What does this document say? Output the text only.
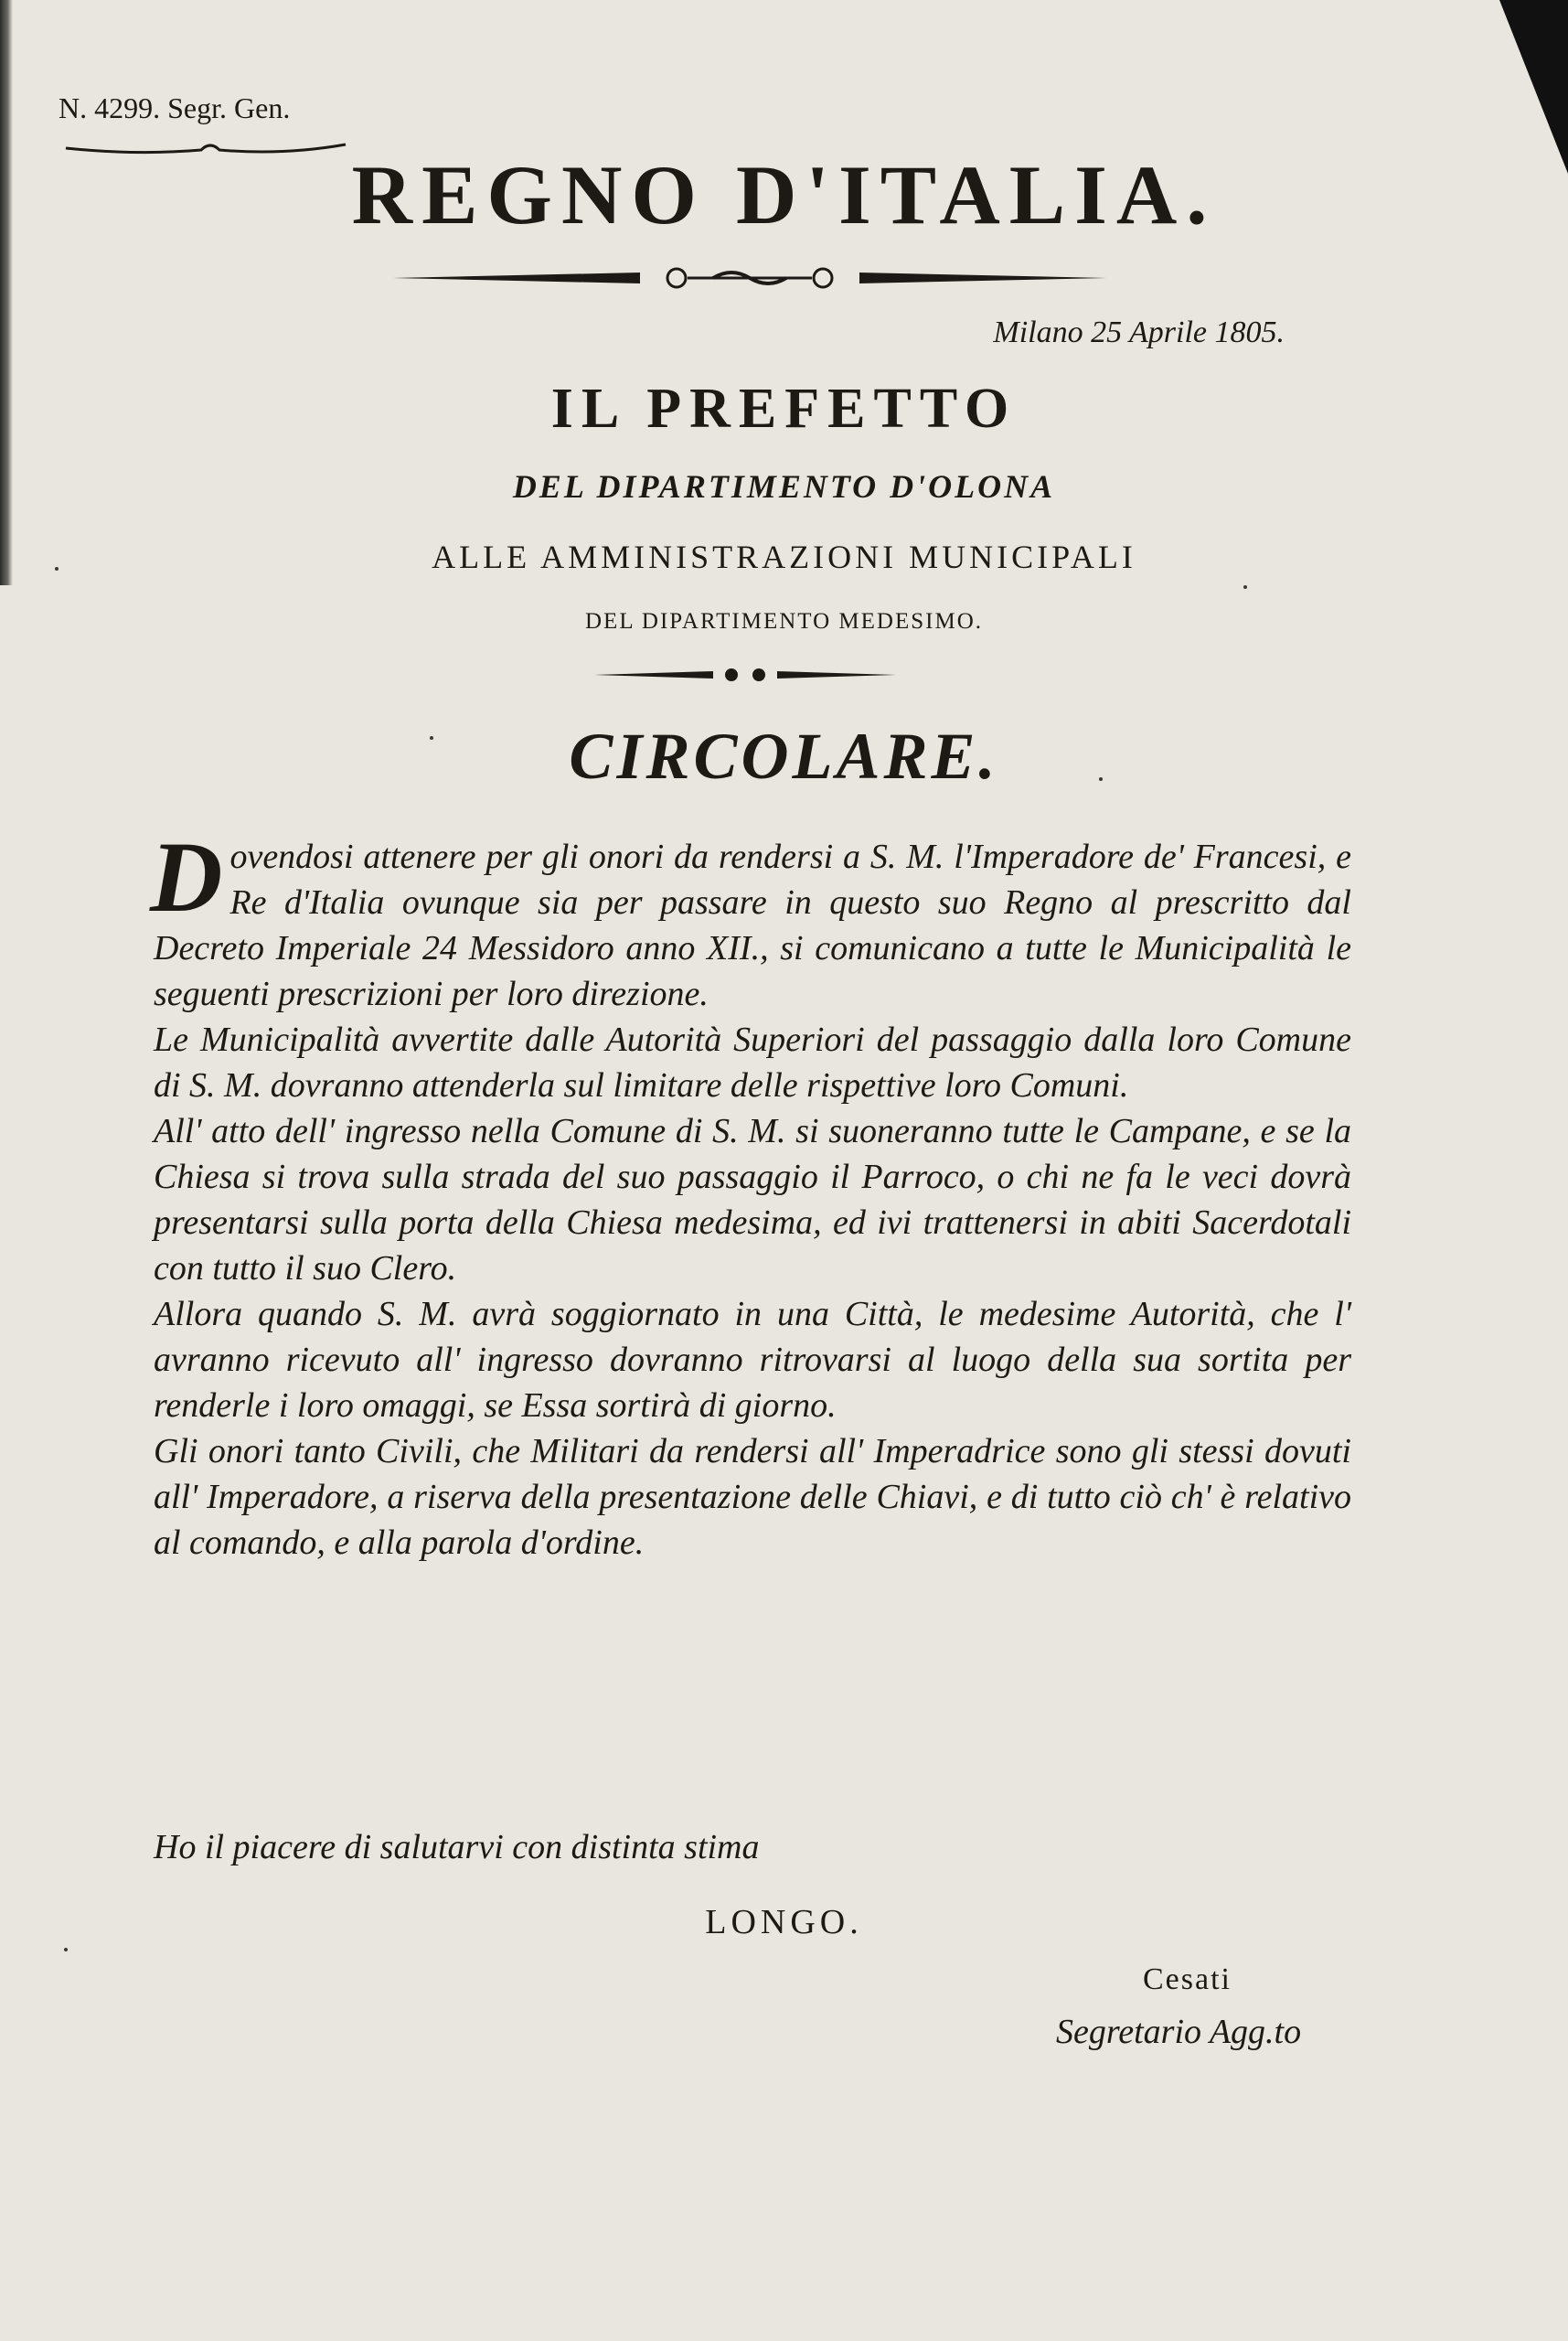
N. 4299. Segr. Gen.
REGNO D'ITALIA.
Milano 25 Aprile 1805.
IL PREFETTO
DEL DIPARTIMENTO D'OLONA
ALLE AMMINISTRAZIONI MUNICIPALI
DEL DIPARTIMENTO MEDESIMO.
CIRCOLARE.

Dovendosi attenere per gli onori da rendersi a S. M. l'Imperadore de' Francesi, e Re d'Italia ovunque sia per passare in questo suo Regno al prescritto dal Decreto Imperiale 24 Messidoro anno XII., si comunicano a tutte le Municipalità le seguenti prescrizioni per loro direzione.

Le Municipalità avvertite dalle Autorità Superiori del passaggio dalla loro Comune di S. M. dovranno attenderla sul limitare delle rispettive loro Comuni.

All' atto dell' ingresso nella Comune di S. M. si suoneranno tutte le Campane, e se la Chiesa si trova sulla strada del suo passaggio il Parroco, o chi ne fa le veci dovrà presentarsi sulla porta della Chiesa medesima, ed ivi trattenersi in abiti Sacerdotali con tutto il suo Clero.

Allora quando S. M. avrà soggiornato in una Città, le medesime Autorità, che l' avranno ricevuto all' ingresso dovranno ritrovarsi al luogo della sua sortita per renderle i loro omaggi, se Essa sortirà di giorno.

Gli onori tanto Civili, che Militari da rendersi all' Imperadrice sono gli stessi dovuti all' Imperadore, a riserva della presentazione delle Chiavi, e di tutto ciò ch' è relativo al comando, e alla parola d'ordine.

Ho il piacere di salutarvi con distinta stima
LONGO.
Cesati
Segretario Agg.to
